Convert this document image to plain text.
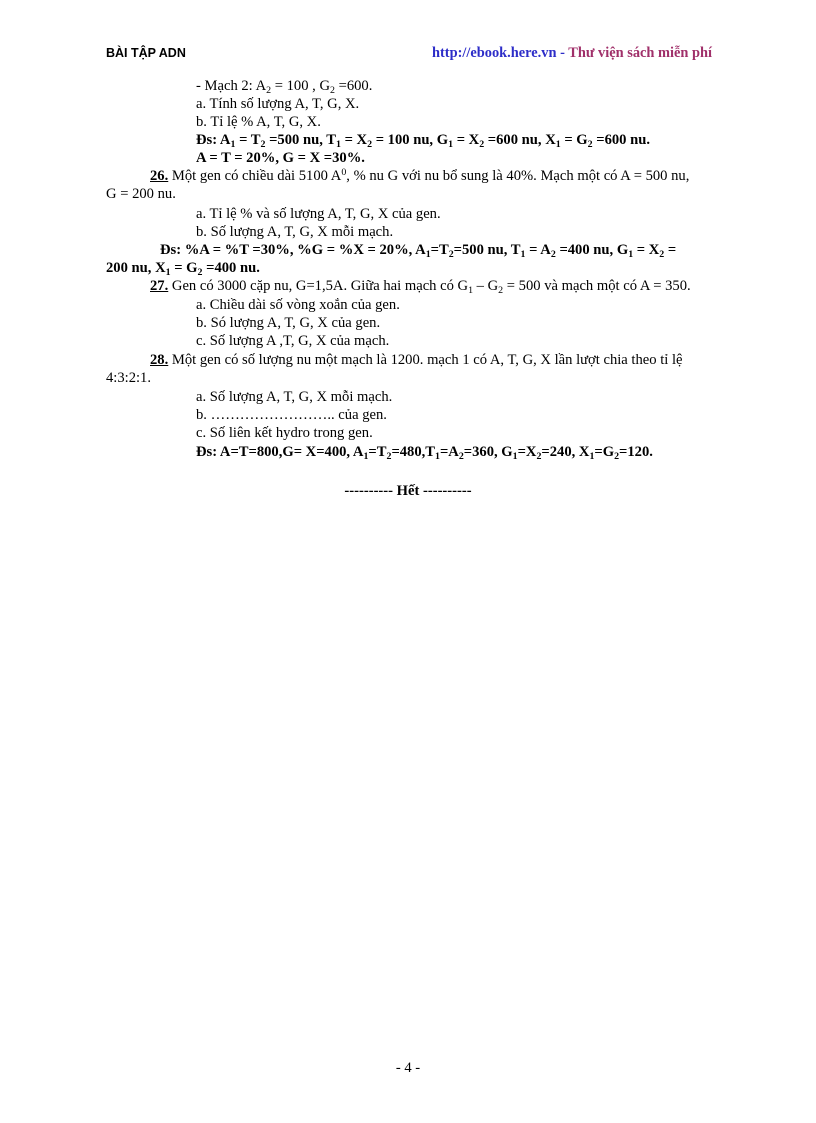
BÀI TẬP ADN	http://ebook.here.vn - Thư viện sách miễn phí
- Mạch 2: $A_2 = 100$ , $G_2 =600$.
a. Tính số lượng A, T, G, X.
b. Tỉ lệ % A, T, G, X.
Đs: $A_1 = T_2 =500$ nu, $T_1 = X_2 = 100$ nu, $G_1 = X_2 =600$ nu, $X_1 = G_2 =600$ nu.
A = T = 20%, G = X =30%.
26. Một gen có chiều dài 5100 $A^0$, % nu G với nu bổ sung là 40%. Mạch một có A = 500 nu,
G = 200 nu.
a. Tỉ lệ % và số lượng A, T, G, X của gen.
b. Số lượng A, T, G, X mỗi mạch.
Đs: %A = %T =30%, %G = %X = 20%, $A_1=T_2=500$ nu, $T_1 = A_2 =400$ nu, $G_1 = X_2$ =
200 nu, $X_1 = G_2 =400$ nu.
27. Gen có 3000 cặp nu, G=1,5A. Giữa hai mạch có $G_1 - G_2 = 500$ và mạch một có A = 350.
a. Chiều dài số vòng xoắn của gen.
b. Só lượng A, T, G, X của gen.
c. Số lượng A ,T, G, X của mạch.
28. Một gen có số lượng nu một mạch là 1200. mạch 1 có A, T, G, X lần lượt chia theo tỉ lệ
4:3:2:1.
a. Số lượng A, T, G, X mỗi mạch.
b. …………………….. của gen.
c. Số liên kết hydro trong gen.
Đs: A=T=800,G= X=400, $A_1=T_2=480,T_1=A_2=360$, $G_1=X_2=240$, $X_1=G_2=120$.
---------- Hết ----------
- 4 -
